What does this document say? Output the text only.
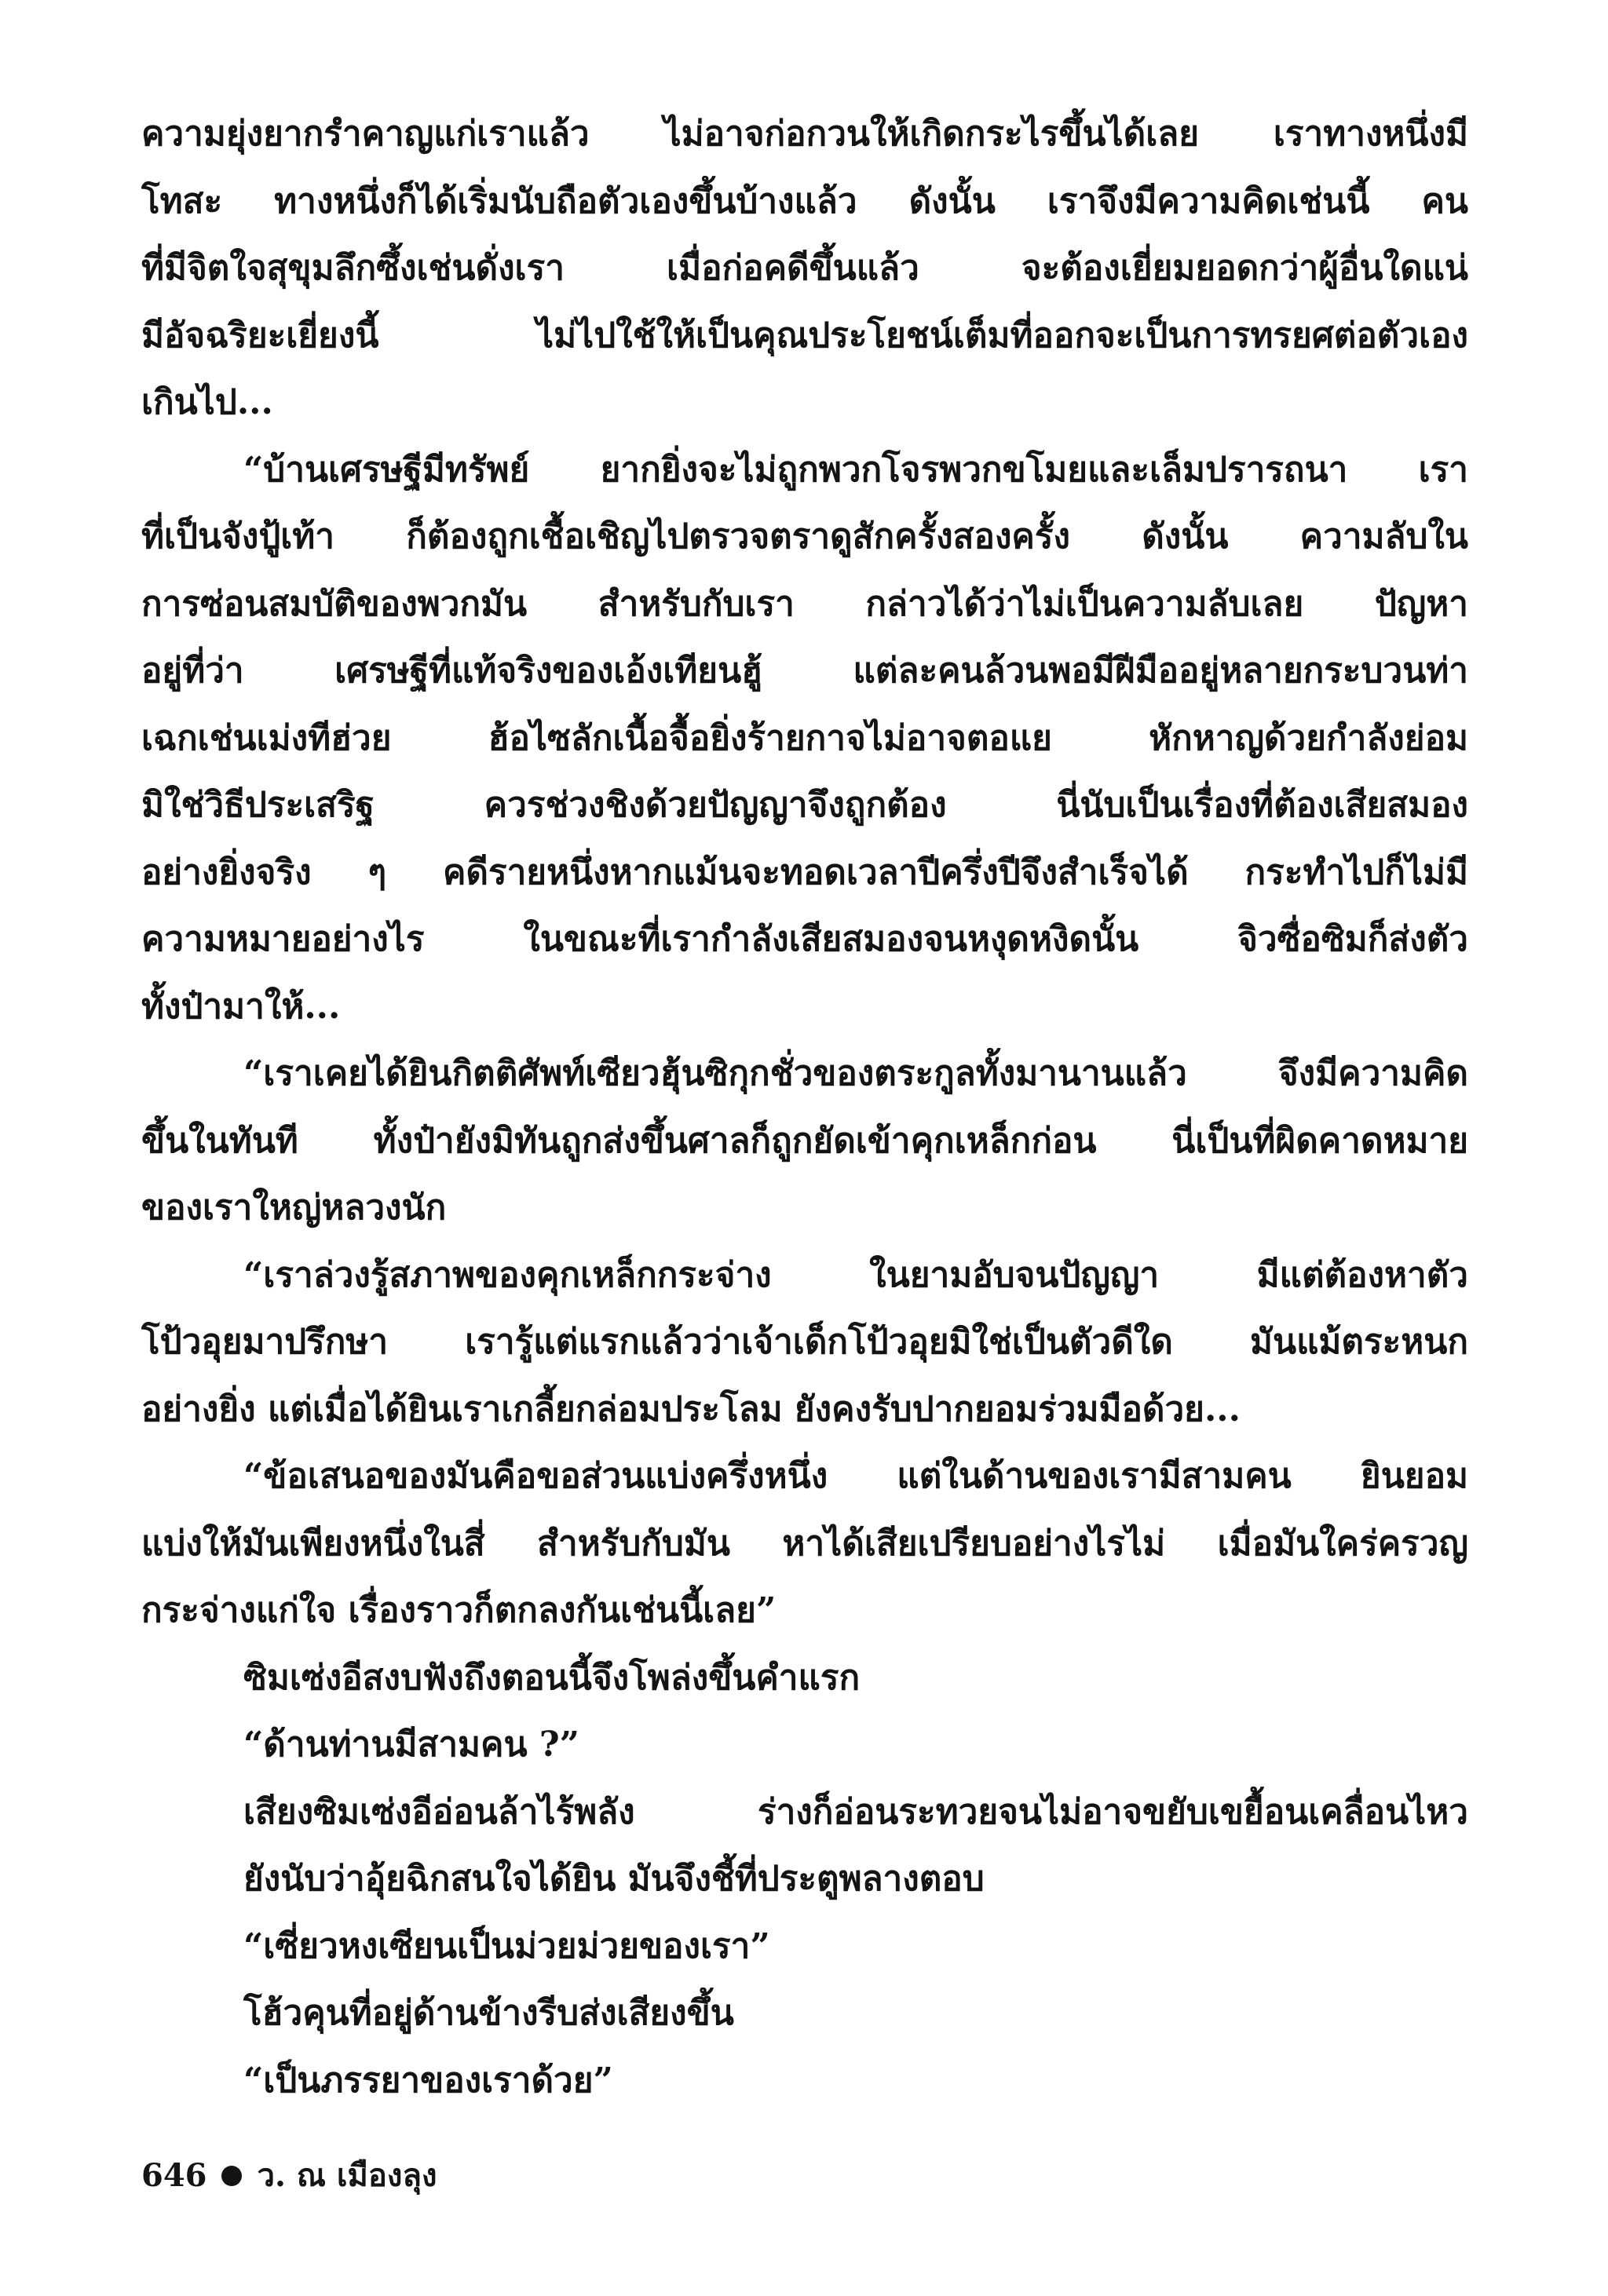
ความยุ่งยากรำคาญแก่เราแล้ว ไม่อาจก่อกวนให้เกิดกระไรขึ้นได้เลย เราทางหนึ่งมี
โทสะ ทางหนึ่งก็ได้เริ่มนับถือตัวเองขึ้นบ้างแล้ว ดังนั้น เราจึงมีความคิดเช่นนี้ คน
ที่มีจิตใจสุขุมลึกซึ้งเช่นดั่งเรา เมื่อก่อคดีขึ้นแล้ว จะต้องเยี่ยมยอดกว่าผู้อื่นใดแน่
มีอัจฉริยะเยี่ยงนี้ ไม่ไปใช้ให้เป็นคุณประโยชน์เต็มที่ออกจะเป็นการทรยศต่อตัวเอง
เกินไป...
“บ้านเศรษฐีมีทรัพย์ ยากยิ่งจะไม่ถูกพวกโจรพวกขโมยและเล็มปรารถนา เรา
ที่เป็นจังปู้เท้า ก็ต้องถูกเชื้อเชิญไปตรวจตราดูสักครั้งสองครั้ง ดังนั้น ความลับใน
การซ่อนสมบัติของพวกมัน สำหรับกับเรา กล่าวได้ว่าไม่เป็นความลับเลย ปัญหา
อยู่ที่ว่า เศรษฐีที่แท้จริงของเอ้งเทียนฮู้ แต่ละคนล้วนพอมีฝีมืออยู่หลายกระบวนท่า
เฉกเช่นเม่งทีฮ่วย ฮ้อไซลักเนื้อจื้อยิ่งร้ายกาจไม่อาจตอแย หักหาญด้วยกำลังย่อม
มิใช่วิธีประเสริฐ ควรช่วงชิงด้วยปัญญาจึงถูกต้อง นี่นับเป็นเรื่องที่ต้องเสียสมอง
อย่างยิ่งจริง ๆ คดีรายหนึ่งหากแม้นจะทอดเวลาปีครึ่งปีจึงสำเร็จได้ กระทำไปก็ไม่มี
ความหมายอย่างไร ในขณะที่เรากำลังเสียสมองจนหงุดหงิดนั้น จิวซื่อซิมก็ส่งตัว
ทั้งป๋ามาให้...
“เราเคยได้ยินกิตติศัพท์เซียวฮุ้นซิกุกชั่วของตระกูลทั้งมานานแล้ว จึงมีความคิด
ขึ้นในทันที ทั้งป๋ายังมิทันถูกส่งขึ้นศาลก็ถูกยัดเข้าคุกเหล็กก่อน นี่เป็นที่ผิดคาดหมาย
ของเราใหญ่หลวงนัก
“เราล่วงรู้สภาพของคุกเหล็กกระจ่าง ในยามอับจนปัญญา มีแต่ต้องหาตัว
โป้วอุยมาปรึกษา เรารู้แต่แรกแล้วว่าเจ้าเด็กโป้วอุยมิใช่เป็นตัวดีใด มันแม้ตระหนก
อย่างยิ่ง แต่เมื่อได้ยินเราเกลี้ยกล่อมประโลม ยังคงรับปากยอมร่วมมือด้วย...
“ข้อเสนอของมันคือขอส่วนแบ่งครึ่งหนึ่ง แต่ในด้านของเรามีสามคน ยินยอม
แบ่งให้มันเพียงหนึ่งในสี่ สำหรับกับมัน หาได้เสียเปรียบอย่างไรไม่ เมื่อมันใคร่ครวญ
กระจ่างแก่ใจ เรื่องราวก็ตกลงกันเช่นนี้เลย”
ซิมเซ่งอีสงบฟังถึงตอนนี้จึงโพล่งขึ้นคำแรก
“ด้านท่านมีสามคน ?”
เสียงซิมเซ่งอีอ่อนล้าไร้พลัง ร่างก็อ่อนระทวยจนไม่อาจขยับเขยื้อนเคลื่อนไหว
ยังนับว่าอุ้ยฉิกสนใจได้ยิน มันจึงชี้ที่ประตูพลางตอบ
“เซี่ยวหงเซียนเป็นม่วยม่วยของเรา”
โฮ้วคุนที่อยู่ด้านข้างรีบส่งเสียงขึ้น
“เป็นภรรยาของเราด้วย”
646 ว. ณ เมืองลุง
